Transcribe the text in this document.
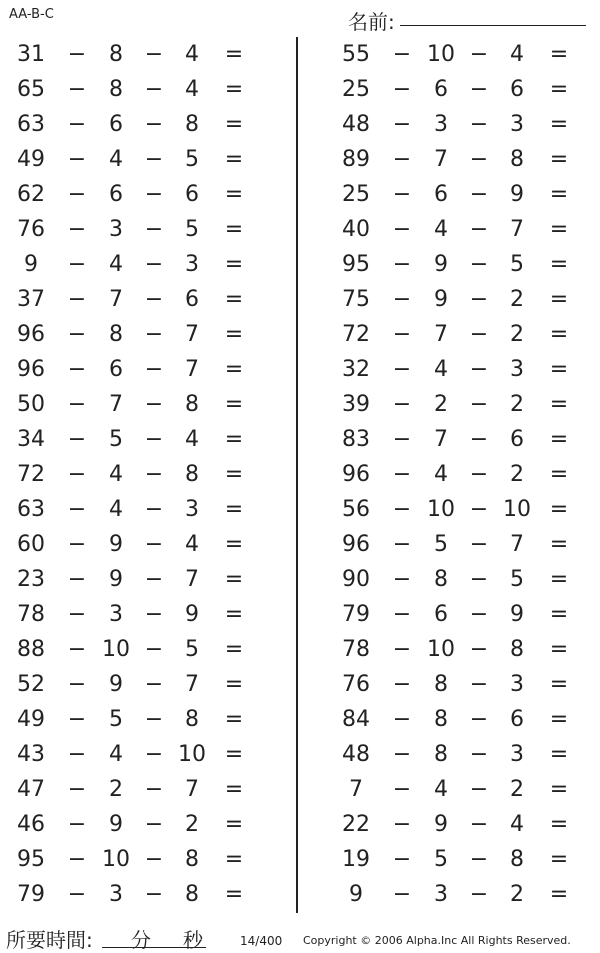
AA-B-C	名前:
31	−	8 − 4	=
65	−	8 − 4	=
63	−	6 − 8	=
49	−	4 − 5	=
62	−	6 − 6	=
76	−	3 − 5	=
9	−	4 − 3	=
37	−	7 − 6	=
96	−	8 − 7	=
96	−	6 − 7	=
50	−	7 − 8	=
34	−	5 − 4	=
72	−	4 − 8	=
63	−	4 − 3	=
60	−	9 − 4	=
23	−	9 − 7	=
78	−	3 − 9	=
88	− 10 − 5	=
52	−	9 − 7	=
49	−	5 − 8	=
43	−	4 − 10 =
47	−	2 − 7	=
46	−	9 − 2	=
95	− 10 − 8	=
79	−	3 − 8	=
55	− 10 − 4	=
25	−	6 − 6	=
48	−	3 − 3	=
89	−	7 − 8	=
25	−	6 − 9	=
40	−	4 − 7	=
95	−	9 − 5	=
75	−	9 − 2	=
72	−	7 − 2	=
32	−	4 − 3	=
39	−	2 − 2	=
83	−	7 − 6	=
96	−	4 − 2	=
56	− 10 − 10 =
96	−	5 − 7	=
90	−	8 − 5	=
79	−	6 − 9	=
78	− 10 − 8	=
76	−	8 − 3	=
84	−	8 − 6	=
48	−	8 − 3	=
7	−	4 − 2	=
22	−	9 − 4	=
19	−	5 − 8	=
9	−	3 − 2	=
所要時間: 分 秒	14/400 Copyright © 2006 Alpha.Inc All Rights Reserved.
